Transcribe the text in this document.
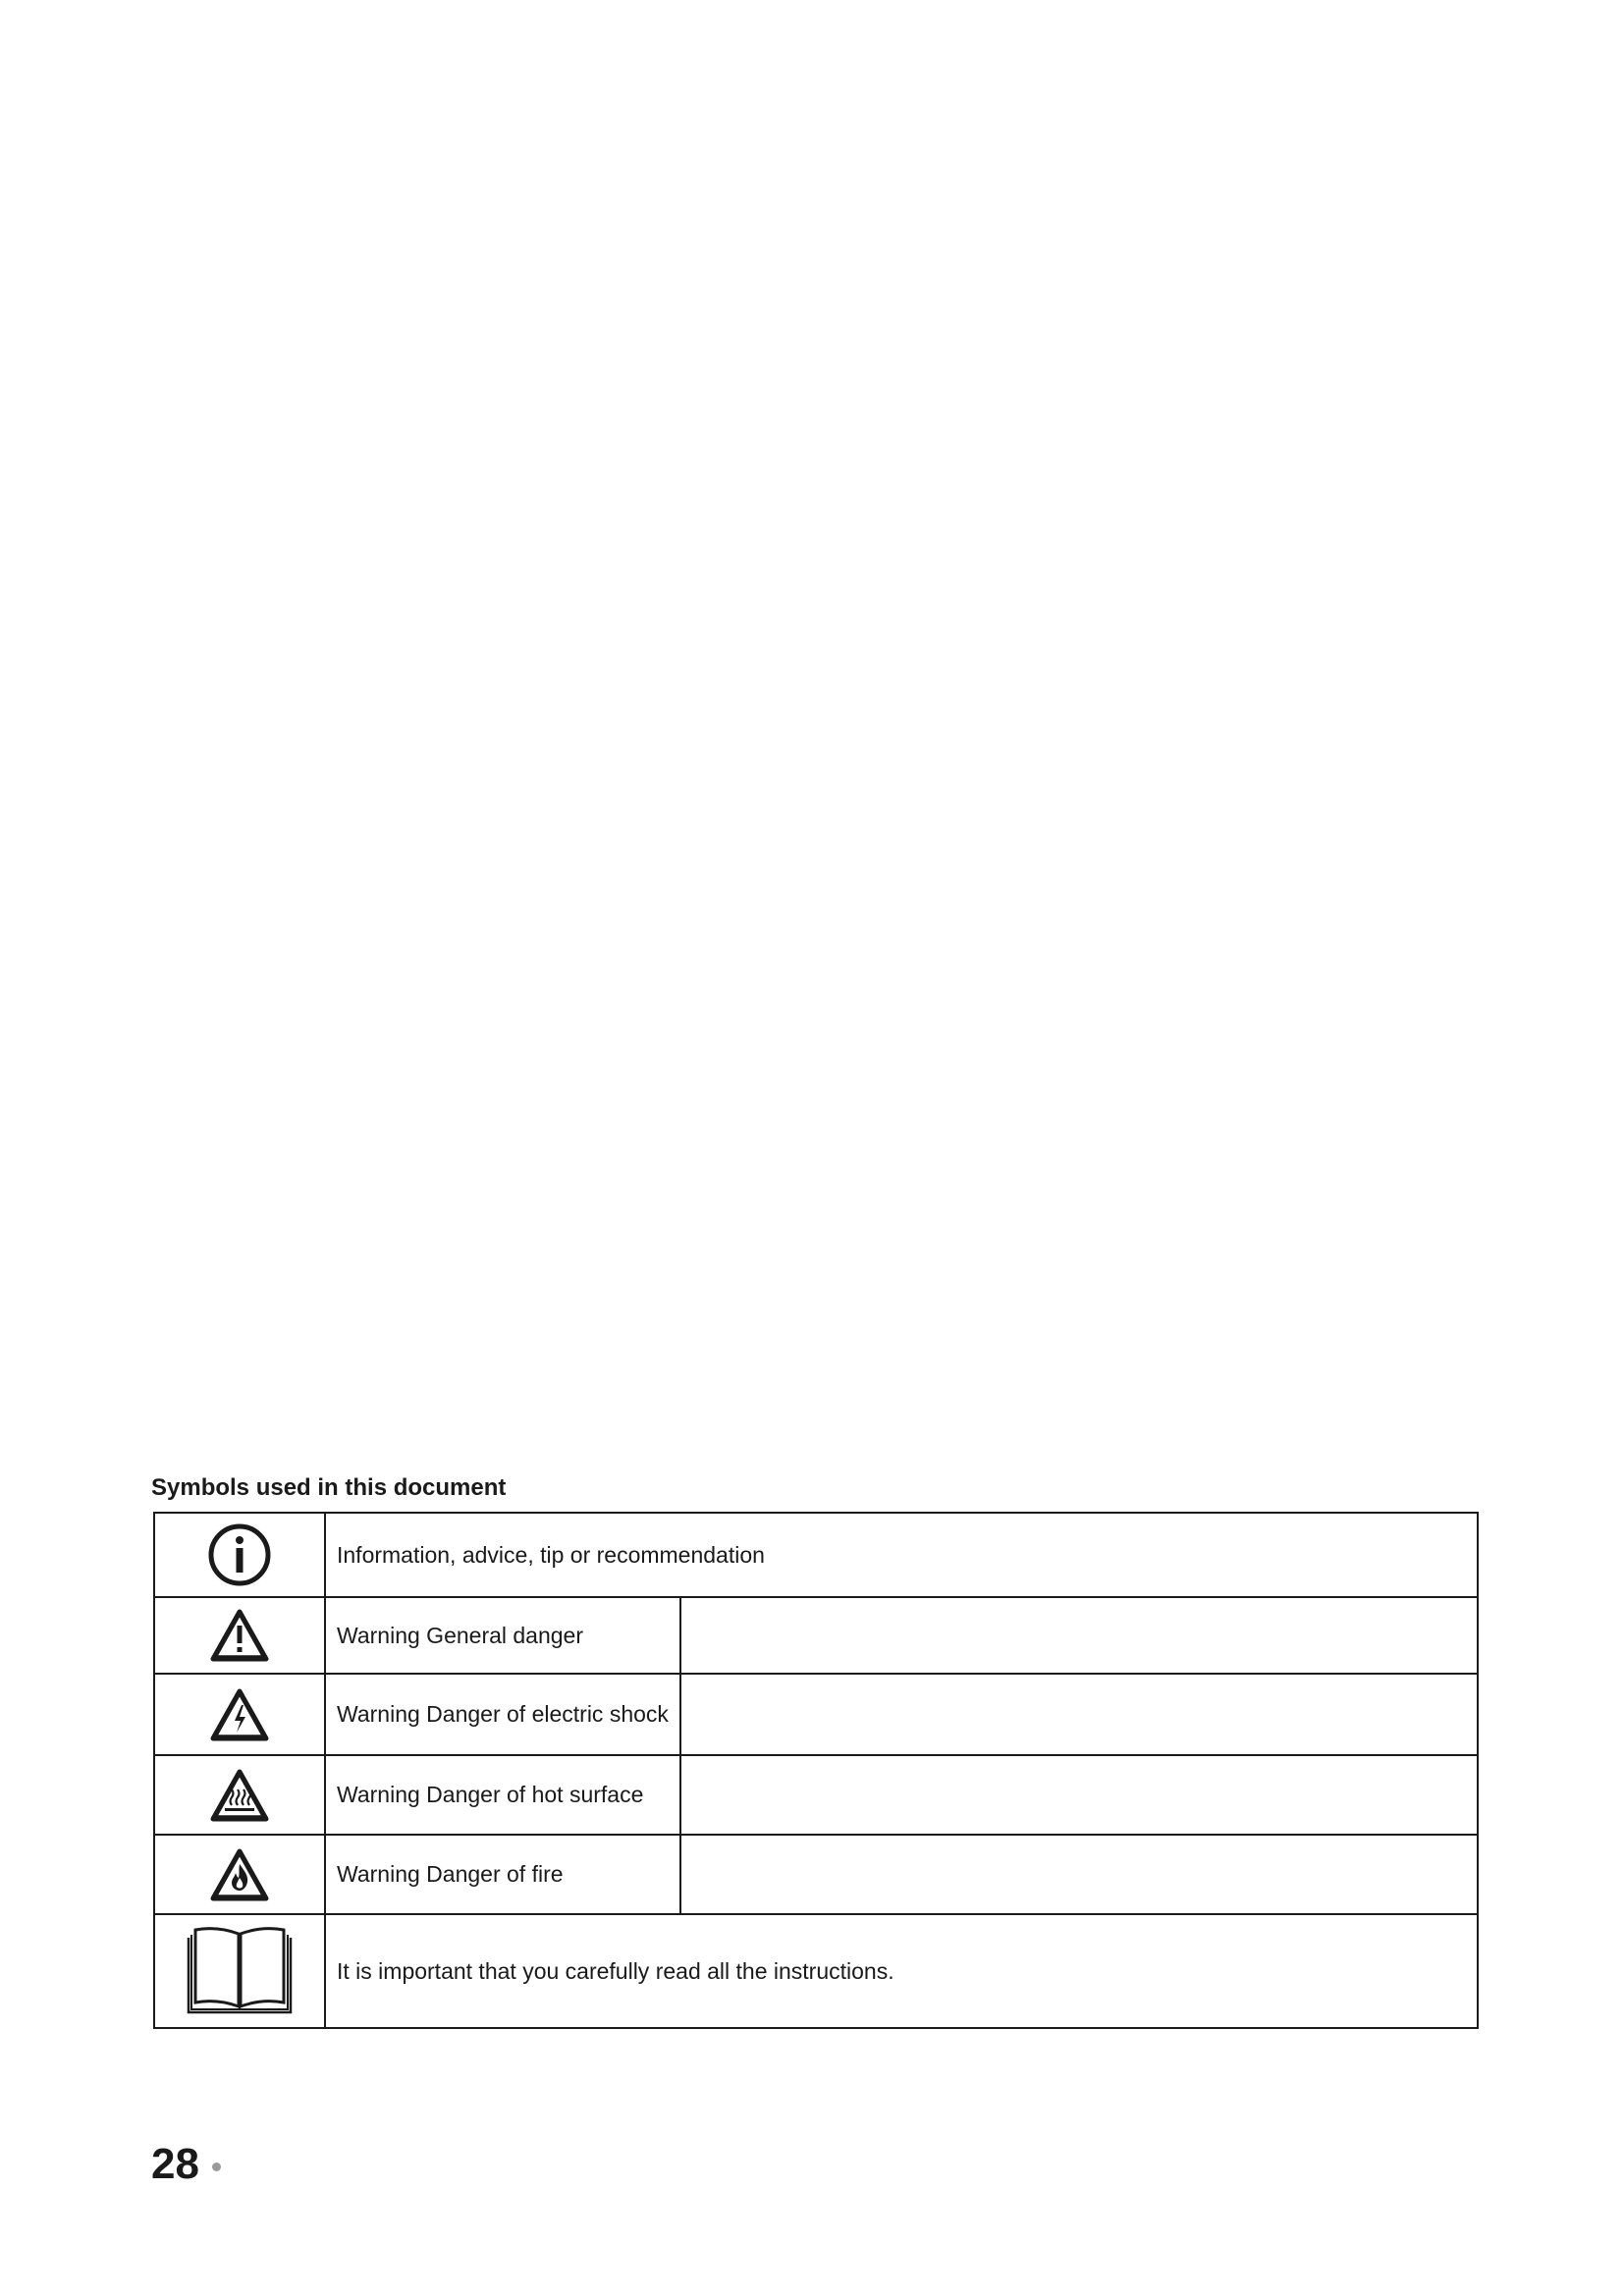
Symbols used in this document
	Information, advice, tip or recommendation	

	Warning General danger	

	Warning Danger of electric shock	

	Warning Danger of hot surface	

	Warning Danger of fire	

	It is important that you carefully read all the instructions.	
28
